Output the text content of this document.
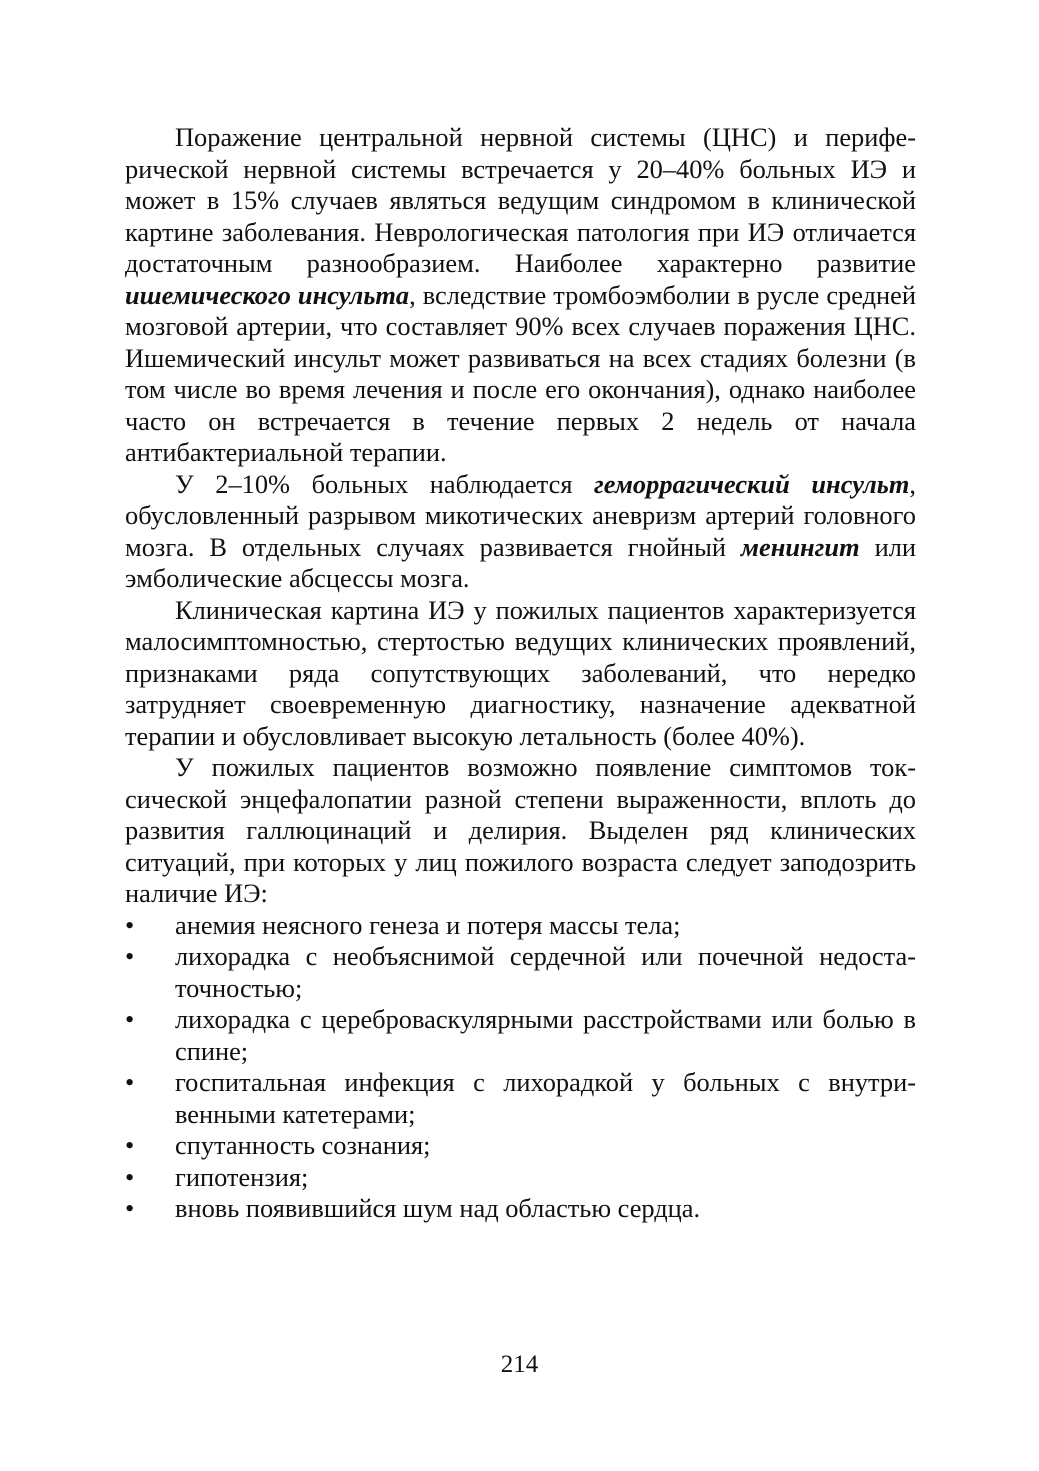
Поражение центральной нервной системы (ЦНС) и периферической нервной системы встречается у 20–40% больных ИЭ и может в 15% случаев являться ведущим синдромом в клинической картине заболевания. Неврологическая патология при ИЭ отличается достаточным разнообразием. Наиболее характерно развитие ишемического инсульта, вследствие тромбоэмболии в русле средней мозговой артерии, что составляет 90% всех случаев поражения ЦНС. Ишемический инсульт может развиваться на всех стадиях болезни (в том числе во время лечения и после его окончания), однако наиболее часто он встречается в течение первых 2 недель от начала антибактериальной терапии.

У 2–10% больных наблюдается геморрагический инсульт, обусловленный разрывом микотических аневризм артерий головного мозга. В отдельных случаях развивается гнойный менингит или эмболические абсцессы мозга.

Клиническая картина ИЭ у пожилых пациентов характеризуется малосимптомностью, стертостью ведущих клинических проявлений, признаками ряда сопутствующих заболеваний, что нередко затрудняет своевременную диагностику, назначение адекватной терапии и обусловливает высокую летальность (более 40%).

У пожилых пациентов возможно появление симптомов токсической энцефалопатии разной степени выраженности, вплоть до развития галлюцинаций и делирия. Выделен ряд клинических ситуаций, при которых у лиц пожилого возраста следует заподозрить наличие ИЭ:

•	анемия неясного генеза и потеря массы тела;
•	лихорадка с необъяснимой сердечной или почечной недостаточностью;
•	лихорадка с цереброваскулярными расстройствами или болью в спине;
•	госпитальная инфекция с лихорадкой у больных с внутривенными катетерами;
•	спутанность сознания;
•	гипотензия;
•	вновь появившийся шум над областью сердца.
214
